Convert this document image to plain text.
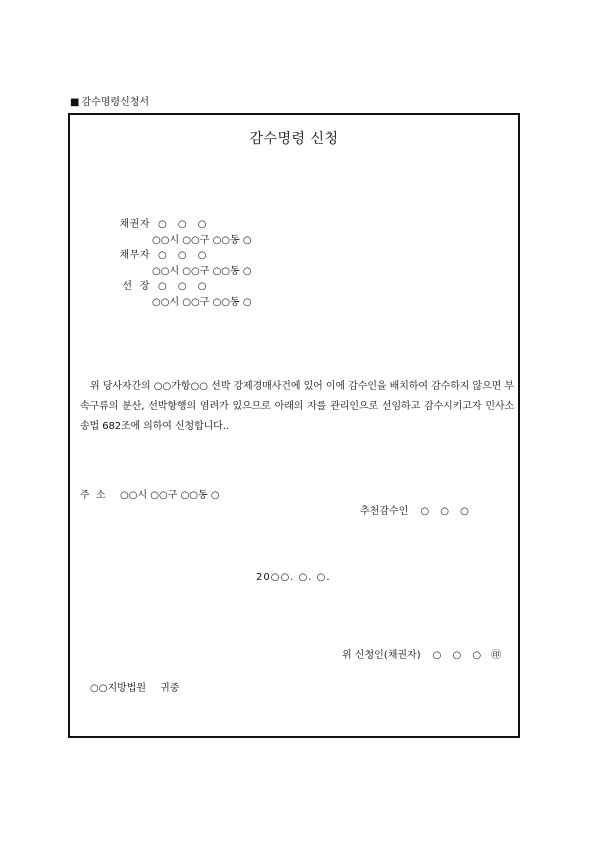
■ 감수명령신청서
감수명령 신청
채권자 ○ ○ ○
○○시 ○○구 ○○동 ○
채무자 ○ ○ ○
○○시 ○○구 ○○동 ○
선  장 ○ ○ ○
○○시 ○○구 ○○동 ○
위 당사자간의 ○○가항○○ 선박 강제경매사건에 있어 이에 감수인을 배치하여 감수하지 않으면 부속구류의 분산, 선박항행의 염려가 있으므로 아래의 자를 관리인으로 선임하고 감수시키고자 민사소송법 682조에 의하여 신청합니다..
주  소 ○○시 ○○구 ○○동 ○
추천감수인 ○ ○ ○
20○○. ○. ○.
위 신청인(채권자) ○ ○ ○ ㊞
○○지방법원 귀중
